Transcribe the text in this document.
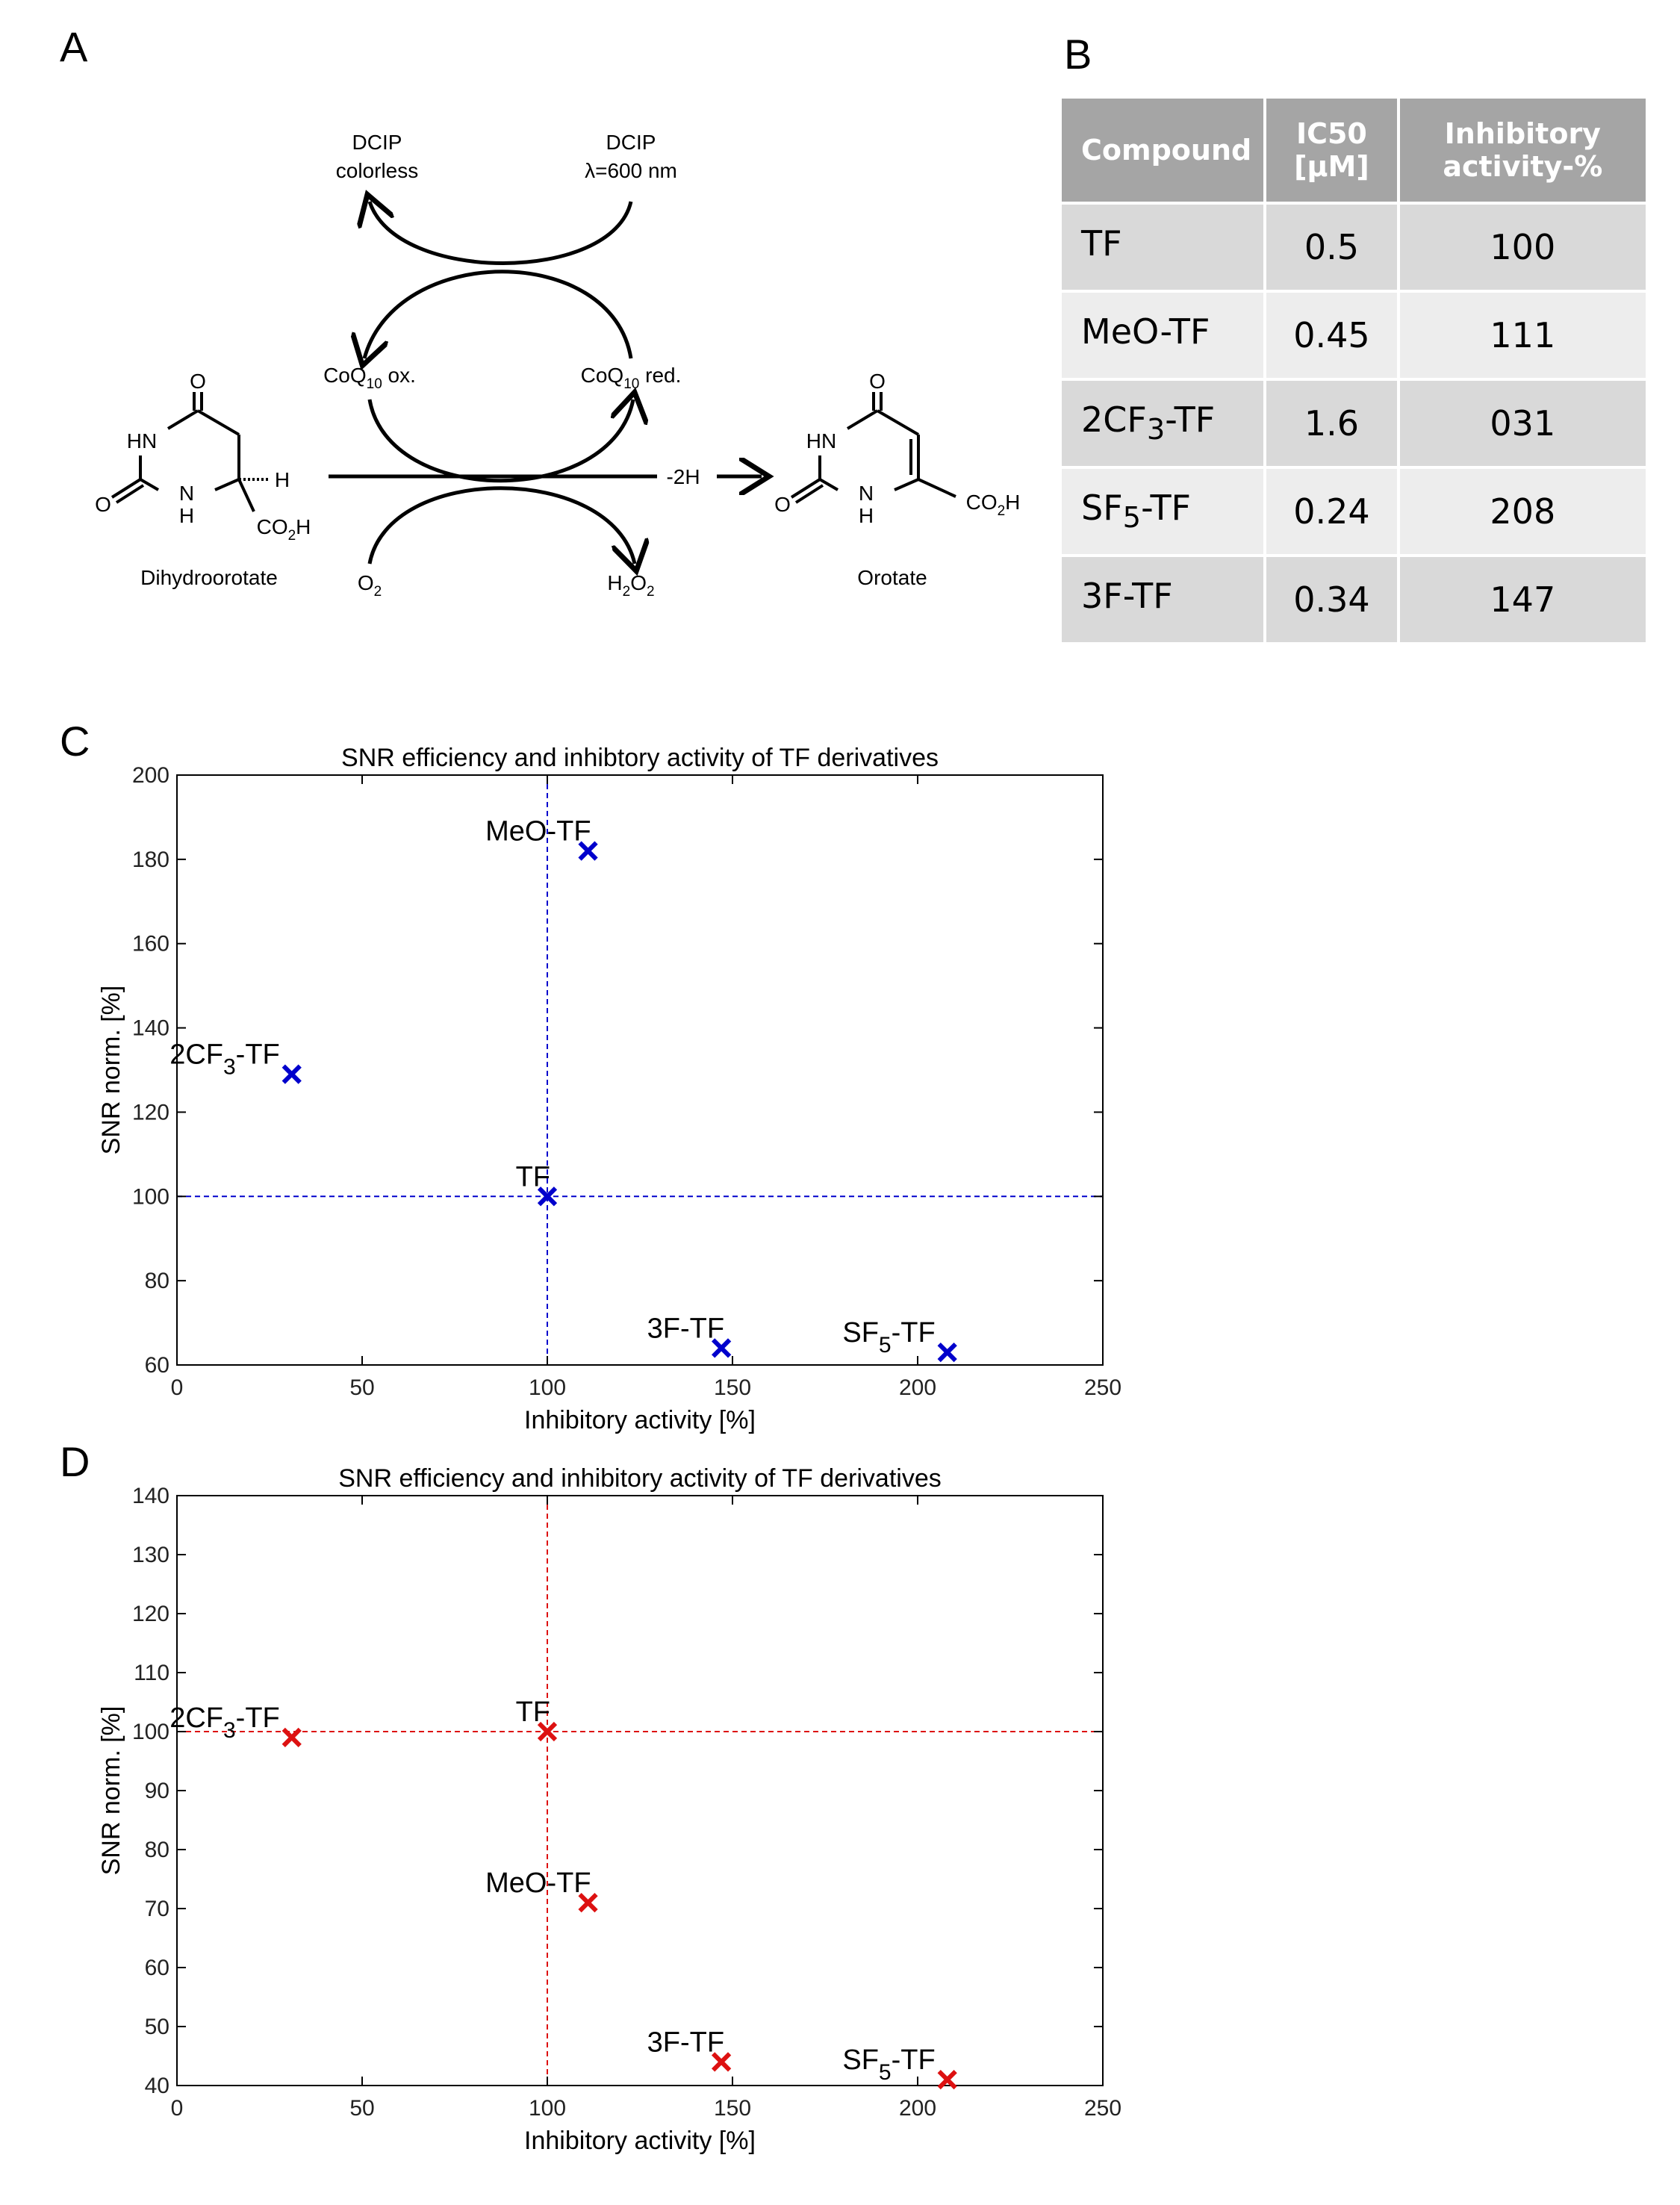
A	B
C
D
DCIP
colorless
DCIP
λ=600 nm
CoQ$_{10}$ ox.	CoQ$_{10}$ red.
-2H
$O_2$	$H_2O_2$
Dihydroorotate	Orotate
O
HN
N
H
O
H
$CO_2H$
O
HN
N
H
O	$CO_2H$
Compound	IC50 [µM]	Inhibitory activity-%
TF	0.5	100
MeO-TF	0.45	111
$2CF_3-TF$	1.6	031
$SF_5-TF$	0.24	208
3F-TF	0.34	147
0	50	100	150	200	250
60
80
100
120
140
160
180
200
SNR efficiency and inhibtory activity of TF derivatives
Inhibitory activity [%]
SNR norm. [%]
TF
MeO-TF
$2CF_3-TF$
$SF_5-TF$
3F-TF
0	50	100	150	200	250
40
50
60
70
80
90
100
110
120
130
140
SNR efficiency and inhibitory activity of TF derivatives
Inhibitory activity [%]
SNR norm. [%]	TF
MeO-TF
$2CF_3-TF$
$SF_5-TF$
3F-TF
